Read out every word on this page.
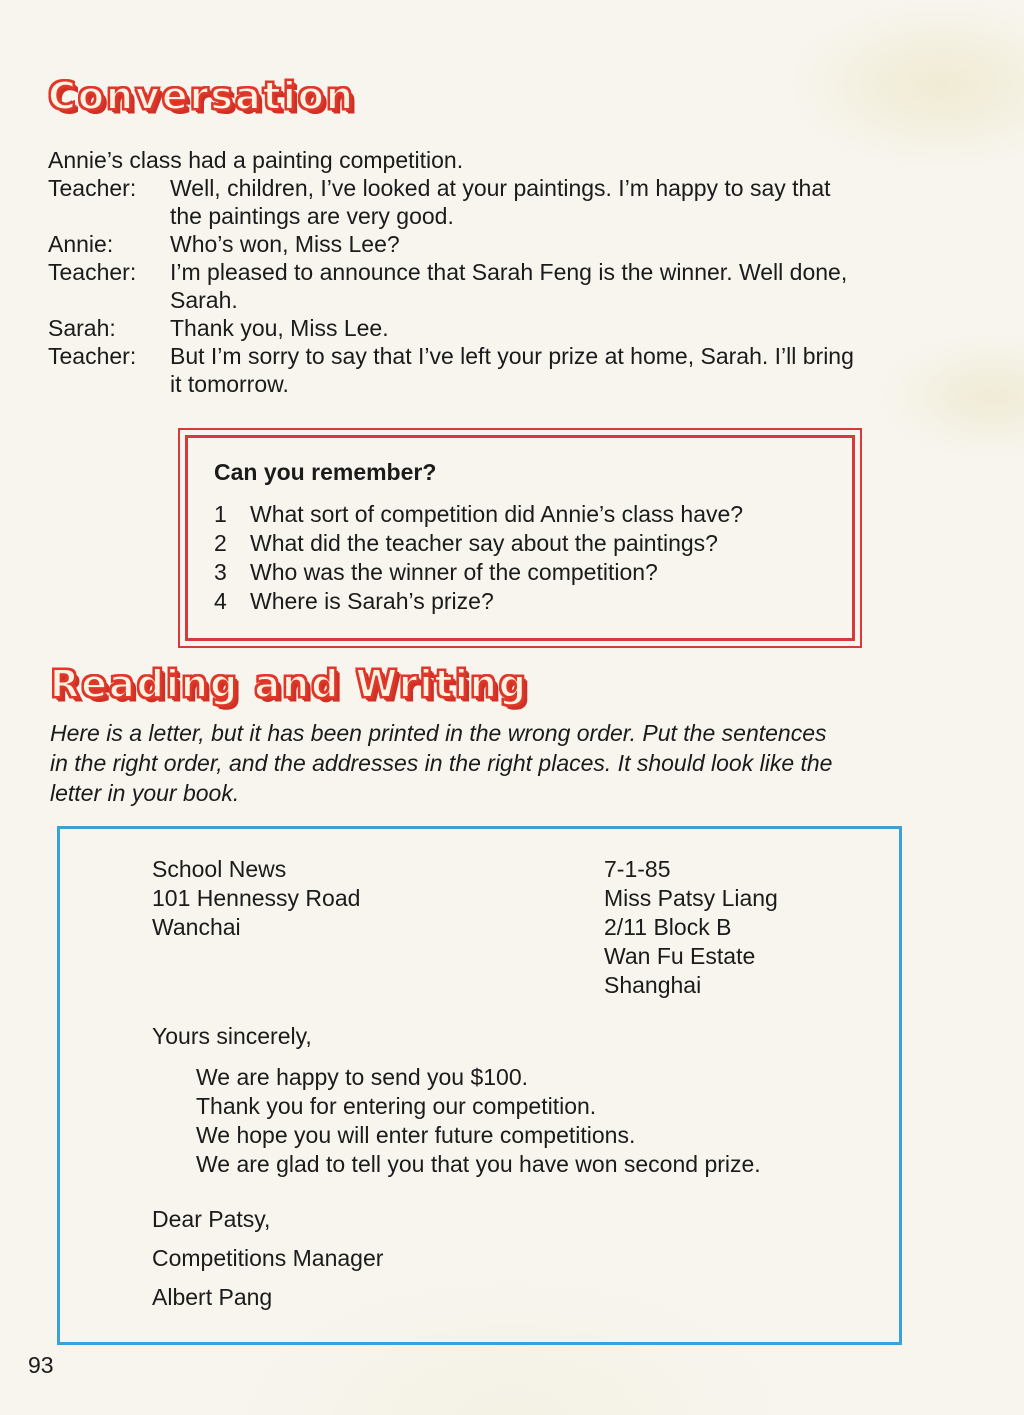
Conversation

Annie’s class had a painting competition.

Teacher:	Well, children, I’ve looked at your paintings. I’m happy to say that
the paintings are very good.
Annie:	Who’s won, Miss Lee?
Teacher:	I’m pleased to announce that Sarah Feng is the winner. Well done,
Sarah.
Sarah:	Thank you, Miss Lee.
Teacher:	But I’m sorry to say that I’ve left your prize at home, Sarah. I’ll bring
it tomorrow.
Can you remember?
1	What sort of competition did Annie’s class have?
2	What did the teacher say about the paintings?
3	Who was the winner of the competition?
4	Where is Sarah’s prize?
Reading and Writing
Here is a letter, but it has been printed in the wrong order. Put the sentences
in the right order, and the addresses in the right places. It should look like the
letter in your book.
School News
101 Hennessy Road
Wanchai
7-1-85
Miss Patsy Liang
2/11 Block B
Wan Fu Estate
Shanghai

Yours sincerely,

We are happy to send you $100.
Thank you for entering our competition.
We hope you will enter future competitions.
We are glad to tell you that you have won second prize.

Dear Patsy,

Competitions Manager

Albert Pang

93
